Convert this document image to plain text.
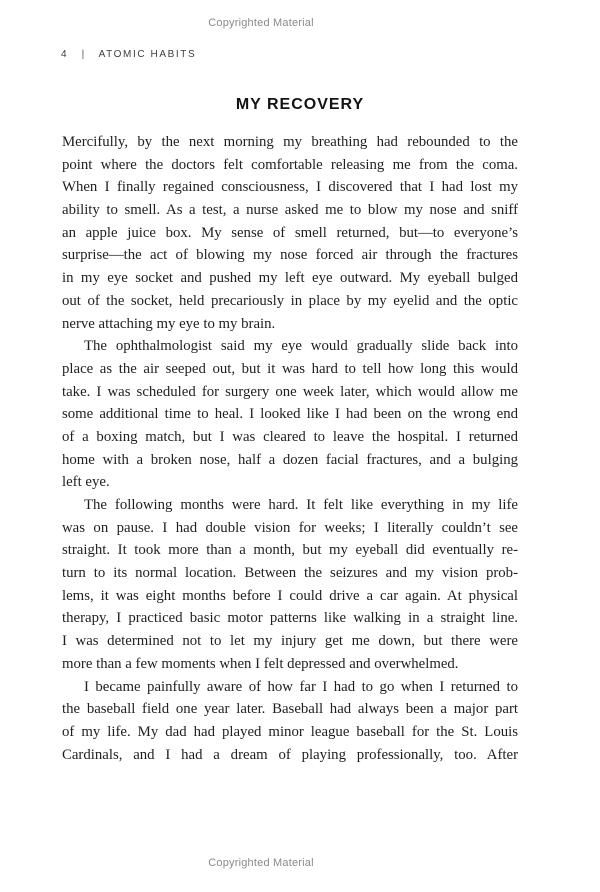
Copyrighted Material
4 | ATOMIC HABITS
MY RECOVERY
Mercifully, by the next morning my breathing had rebounded to the
point where the doctors felt comfortable releasing me from the coma.
When I finally regained consciousness, I discovered that I had lost my
ability to smell. As a test, a nurse asked me to blow my nose and sniff
an apple juice box. My sense of smell returned, but—to everyone’s
surprise—the act of blowing my nose forced air through the fractures
in my eye socket and pushed my left eye outward. My eyeball bulged
out of the socket, held precariously in place by my eyelid and the optic
nerve attaching my eye to my brain.
The ophthalmologist said my eye would gradually slide back into
place as the air seeped out, but it was hard to tell how long this would
take. I was scheduled for surgery one week later, which would allow me
some additional time to heal. I looked like I had been on the wrong end
of a boxing match, but I was cleared to leave the hospital. I returned
home with a broken nose, half a dozen facial fractures, and a bulging
left eye.
The following months were hard. It felt like everything in my life
was on pause. I had double vision for weeks; I literally couldn’t see
straight. It took more than a month, but my eyeball did eventually re-
turn to its normal location. Between the seizures and my vision prob-
lems, it was eight months before I could drive a car again. At physical
therapy, I practiced basic motor patterns like walking in a straight line.
I was determined not to let my injury get me down, but there were
more than a few moments when I felt depressed and overwhelmed.
I became painfully aware of how far I had to go when I returned to
the baseball field one year later. Baseball had always been a major part
of my life. My dad had played minor league baseball for the St. Louis
Cardinals, and I had a dream of playing professionally, too. After
Copyrighted Material
